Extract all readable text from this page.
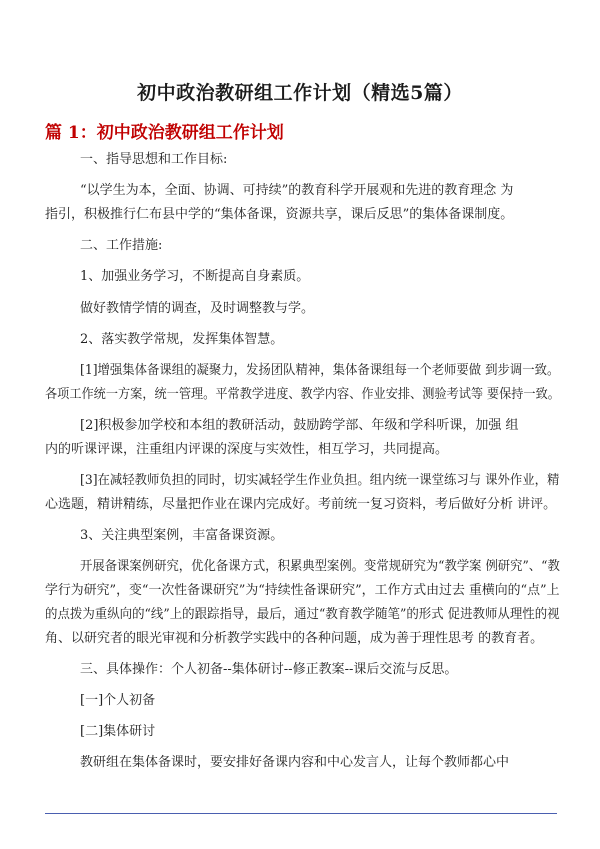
初中政治教研组工作计划（精选5篇）
篇 1：初中政治教研组工作计划
一、指导思想和工作目标:
“以学生为本，全面、协调、可持续”的教育科学开展观和先进的教育理念 为
指引，积极推行仁布县中学的“集体备课，资源共享，课后反思”的集体备课制度。
二、工作措施:
1、加强业务学习，不断提高自身素质。
做好教情学情的调查，及时调整教与学。
2、落实教学常规，发挥集体智慧。
[1]增强集体备课组的凝聚力，发扬团队精神，集体备课组每一个老师要做 到步调一致。
各项工作统一方案，统一管理。平常教学进度、教学内容、作业安排、测验考试等 要保持一致。
[2]积极参加学校和本组的教研活动，鼓励跨学部、年级和学科听课，加强 组
内的听课评课，注重组内评课的深度与实效性，相互学习，共同提高。
[3]在减轻教师负担的同时，切实减轻学生作业负担。组内统一课堂练习与 课外作业，精
心选题，精讲精练，尽量把作业在课内完成好。考前统一复习资料，考后做好分析 讲评。
3、关注典型案例，丰富备课资源。
开展备课案例研究，优化备课方式，积累典型案例。变常规研究为“教学案 例研究”、“教
学行为研究”，变“一次性备课研究”为“持续性备课研究”，工作方式由过去 重横向的“点”上
的点拨为重纵向的“线”上的跟踪指导，最后，通过“教育教学随笔”的形式 促进教师从理性的视
角、以研究者的眼光审视和分析教学实践中的各种问题，成为善于理性思考 的教育者。
三、具体操作：个人初备--集体研讨--修正教案--课后交流与反思。
[一]个人初备
[二]集体研讨
教研组在集体备课时，要安排好备课内容和中心发言人，让每个教师都心中
